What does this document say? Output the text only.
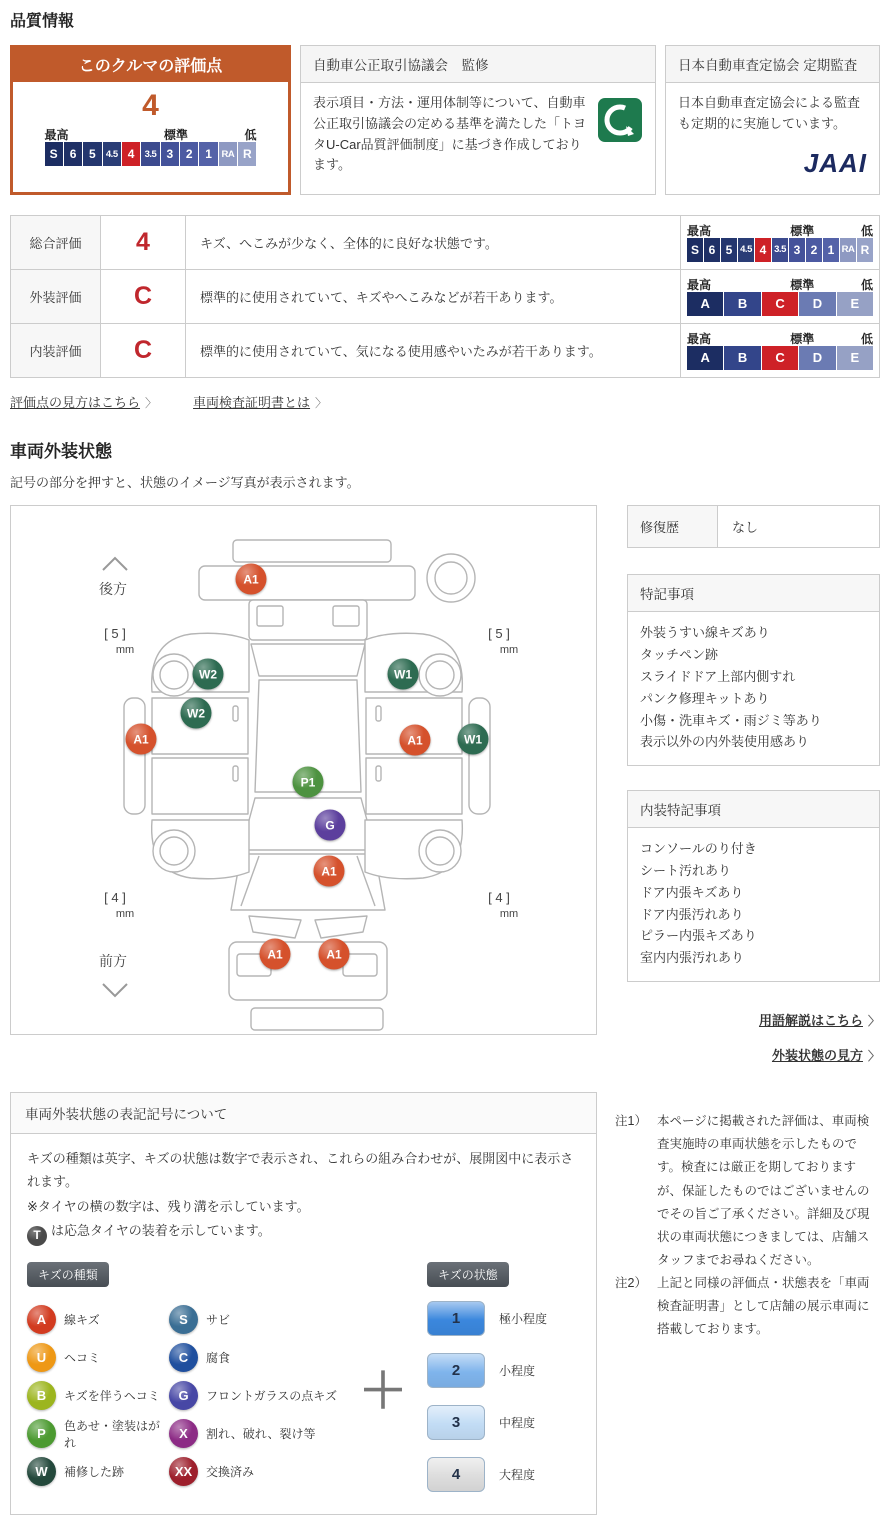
品質情報
このクルマの評価点
4
最高	標準	低
S	6	5	4.5 4	3.5 3	2	1	RA R
自動車公正取引協議会　監修
表示項目・方法・運用体制等について、自動車公正取引協議会の定める基準を満たした「トヨタU-Car品質評価制度」に基づき作成しております。
日本自動車査定協会 定期監査
日本自動車査定協会による監査も定期的に実施しています。
JAAI
総合評価	4	キズ、へこみが少なく、全体的に良好な状態です。
最高	標準	低
S 6 5 4.5 4 3.5 3 2 1 RA R
外装評価	C	標準的に使用されていて、キズやへこみなどが若干あります。
最高	標準	低
A	B	C	D	E
内装評価	C	標準的に使用されていて、気になる使用感やいたみが若干あります。
最高	標準	低
A	B	C	D	E
評価点の見方はこちら 〉	車両検査証明書とは 〉
車両外装状態
記号の部分を押すと、状態のイメージ写真が表示されます。
後方
前方
[ 5 ]
mm
[ 5 ]
mm
[ 4 ]
mm
[ 4 ]
mm
A1
W2	W1
W2
A1	A1	W1
P1
G
A1
A1	A1
修復歴	なし
特記事項
外装うすい線キズあり
タッチペン跡
スライドドア上部内側すれ
パンク修理キットあり
小傷・洗車キズ・雨ジミ等あり
表示以外の内外装使用感あり
内装特記事項
コンソールのり付き
シート汚れあり
ドア内張キズあり
ドア内張汚れあり
ピラー内張キズあり
室内内張汚れあり
用語解説はこちら 〉
外装状態の見方 〉
車両外装状態の表記記号について

キズの種類は英字、キズの状態は数字で表示され、これらの組み合わせが、展開図中に表示されます。

※タイヤの横の数字は、残り溝を示しています。

T は応急タイヤの装着を示しています。

キズの種類
A	線キズ
U	ヘコミ
B	キズを伴うヘコミ
P
色あせ・塗装はがれ
W	補修した跡
S	サビ
C	腐食
G	フロントガラスの点キズ
X	割れ、破れ、裂け等
XX	交換済み
＋
キズの状態
1	極小程度
2	小程度
3	中程度
4	大程度
注1） 本ページに掲載された評価は、車両検査実施時の車両状態を示したものです。検査には厳正を期しておりますが、保証したものではございませんのでその旨ご了承ください。詳細及び現状の車両状態につきましては、店舗スタッフまでお尋ねください。
注2） 上記と同様の評価点・状態表を「車両検査証明書」として店舗の展示車両に搭載しております。
